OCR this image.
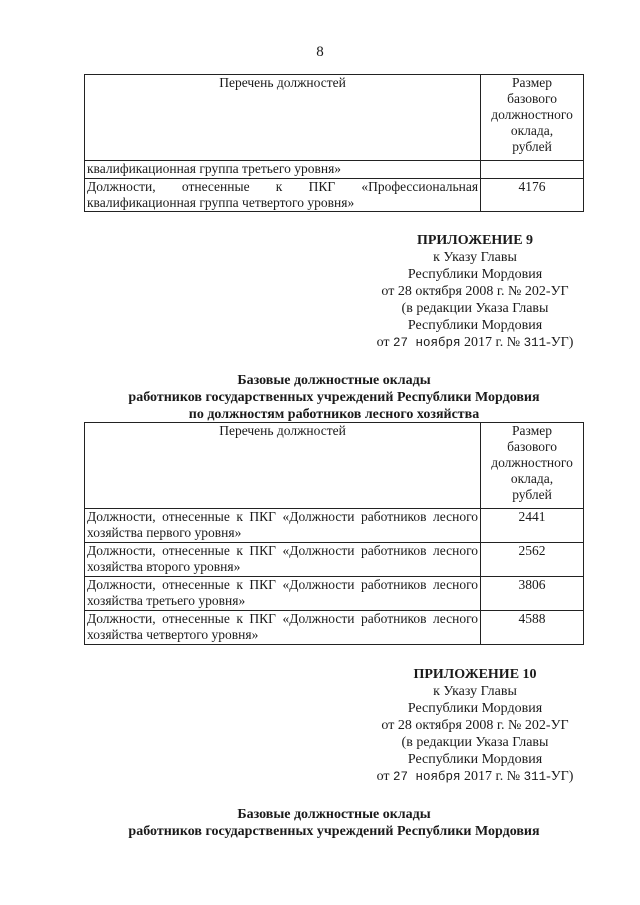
8
Перечень должностей	Размер
базового
должностного
оклада,
рублей

квалификационная группа третьего уровня»	
Должности, отнесенные к ПКГ «Профессиональная квалификационная группа четвертого уровня»	4176
ПРИЛОЖЕНИЕ 9
к Указу Главы
Республики Мордовия
от 28 октября 2008 г. № 202-УГ
(в редакции Указа Главы
Республики Мордовия
от 27 ноября 2017 г. № 311-УГ)
Базовые должностные оклады
работников государственных учреждений Республики Мордовия
по должностям работников лесного хозяйства
Перечень должностей	Размер
базового
должностного
оклада,
рублей

Должности, отнесенные к ПКГ «Должности работников лесного хозяйства первого уровня»	2441
Должности, отнесенные к ПКГ «Должности работников лесного хозяйства второго уровня»	2562
Должности, отнесенные к ПКГ «Должности работников лесного хозяйства третьего уровня»	3806
Должности, отнесенные к ПКГ «Должности работников лесного хозяйства четвертого уровня»	4588
ПРИЛОЖЕНИЕ 10
к Указу Главы
Республики Мордовия
от 28 октября 2008 г. № 202-УГ
(в редакции Указа Главы
Республики Мордовия
от 27 ноября 2017 г. № 311-УГ)
Базовые должностные оклады
работников государственных учреждений Республики Мордовия
